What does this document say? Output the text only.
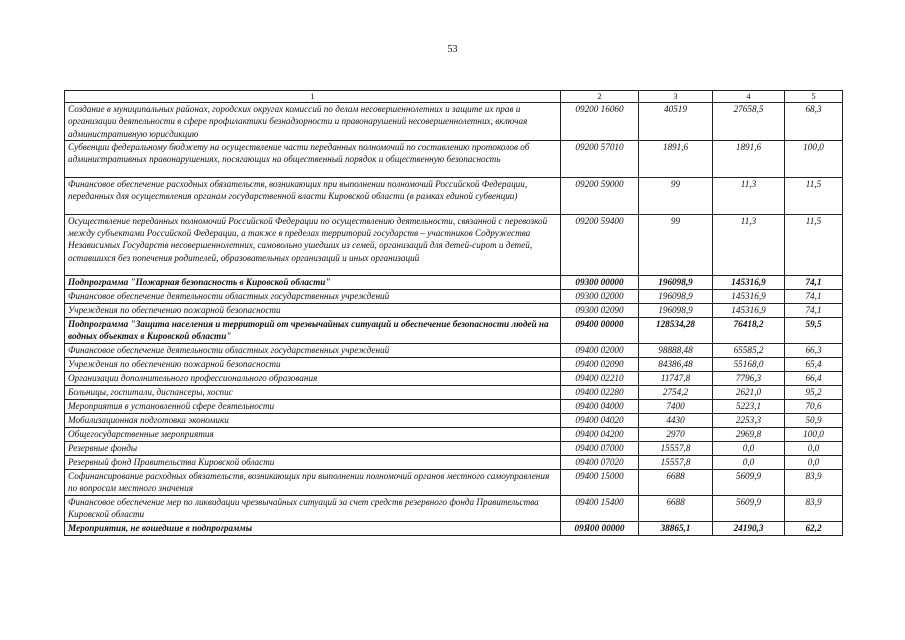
53
1	2	3	4	5
Создание в муниципальных районах, городских округах комиссий по делам несовершеннолетних и защите их прав и организации деятельности в сфере профилактики безнадзорности и правонарушений несовершеннолетних, включая административную юрисдикцию	09200 16060	40519	27658,5	68,3
Субвенции федеральному бюджету на осуществление части переданных полномочий по составлению протоколов об административных правонарушениях, посягающих на общественный порядок и общественную безопасность	09200 57010	1891,6	1891,6	100,0
Финансовое обеспечение расходных обязательств, возникающих при выполнении полномочий Российской Федерации, переданных для осуществления органам государственной власти Кировской области (в рамках единой субвенции)	09200 59000	99	11,3	11,5
Осуществление переданных полномочий Российской Федерации по осуществлению деятельности, связанной с перевозкой между субъектами Российской Федерации, а также в пределах территорий государств – участников Содружества Независимых Государств несовершеннолетних, самовольно ушедших из семей, организаций для детей-сирот и детей, оставшихся без попечения родителей, образовательных организаций и иных организаций	09200 59400	99	11,3	11,5
Подпрограмма "Пожарная безопасность в Кировской области"	09300 00000	196098,9	145316,9	74,1
Финансовое обеспечение деятельности областных государственных учреждений	09300 02000	196098,9	145316,9	74,1
Учреждения по обеспечению пожарной безопасности	09300 02090	196098,9	145316,9	74,1
Подпрограмма "Защита населения и территорий от чрезвычайных ситуаций и обеспечение безопасности людей на водных объектах в Кировской области"	09400 00000	128534,28	76418,2	59,5
Финансовое обеспечение деятельности областных государственных учреждений	09400 02000	98888,48	65585,2	66,3
Учреждения по обеспечению пожарной безопасности	09400 02090	84386,48	55168,0	65,4
Организации дополнительного профессионального образования	09400 02210	11747,8	7796,3	66,4
Больницы, госпитали, диспансеры, хоспис	09400 02280	2754,2	2621,0	95,2
Мероприятия в установленной сфере деятельности	09400 04000	7400	5223,1	70,6
Мобилизационная подготовка экономики	09400 04020	4430	2253,3	50,9
Общегосударственные мероприятия	09400 04200	2970	2969,8	100,0
Резервные фонды	09400 07000	15557,8	0,0	0,0
Резервный фонд Правительства Кировской области	09400 07020	15557,8	0,0	0,0
Софинансирование расходных обязательств, возникающих при выполнении полномочий органов местного самоуправления по вопросам местного значения	09400 15000	6688	5609,9	83,9
Финансовое обеспечение мер по ликвидации чрезвычайных ситуаций за счет средств резервного фонда Правительства Кировской области	09400 15400	6688	5609,9	83,9
Мероприятия, не вошедшие в подпрограммы	09Я00 00000	38865,1	24190,3	62,2
